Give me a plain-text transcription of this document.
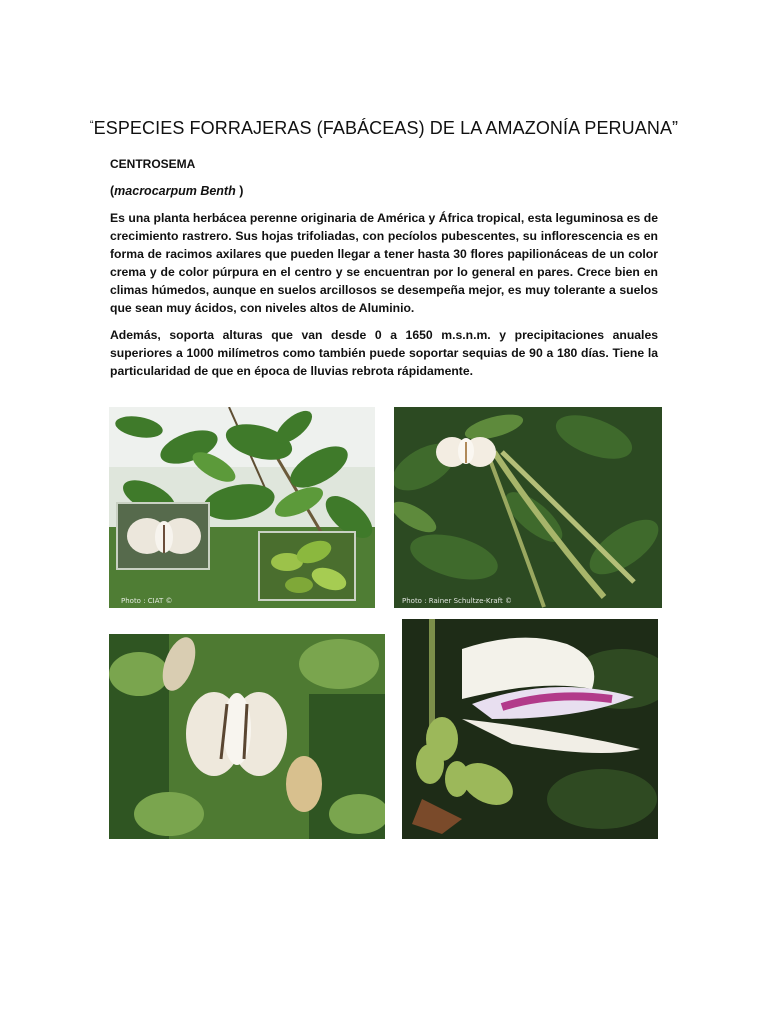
“ESPECIES FORRAJERAS (FABÁCEAS) DE LA AMAZONÍA PERUANA”
CENTROSEMA
(macrocarpum Benth )

Es una planta herbácea perenne originaria de América y África tropical, esta leguminosa es de crecimiento rastrero. Sus hojas trifoliadas, con pecíolos pubescentes, su inflorescencia es en forma de racimos axilares que pueden llegar a tener hasta 30 flores papilionáceas de un color crema y de color púrpura en el centro y se encuentran por lo general en pares. Crece bien en climas húmedos, aunque en suelos arcillosos se desempeña mejor, es muy tolerante a suelos que sean muy ácidos, con niveles altos de Aluminio.

Además, soporta alturas que van desde 0 a 1650 m.s.n.m. y precipitaciones anuales superiores a 1000 milímetros como también puede soportar sequias de 90 a 180 días. Tiene la particularidad de que en época de lluvias rebrota rápidamente.

Photo : CIAT ©	Photo : Rainer Schultze-Kraft ©
